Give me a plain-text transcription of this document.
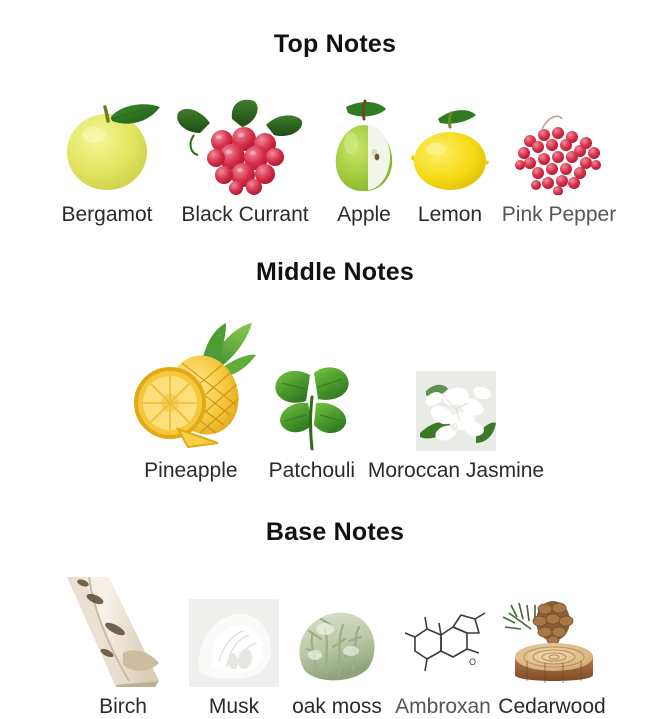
Top Notes
Bergamot Black Currant Apple Lemon Pink Pepper
Middle Notes
Pineapple Patchouli Moroccan Jasmine
Base Notes
Birch	Musk oak moss
O
Ambroxan Cedarwood
